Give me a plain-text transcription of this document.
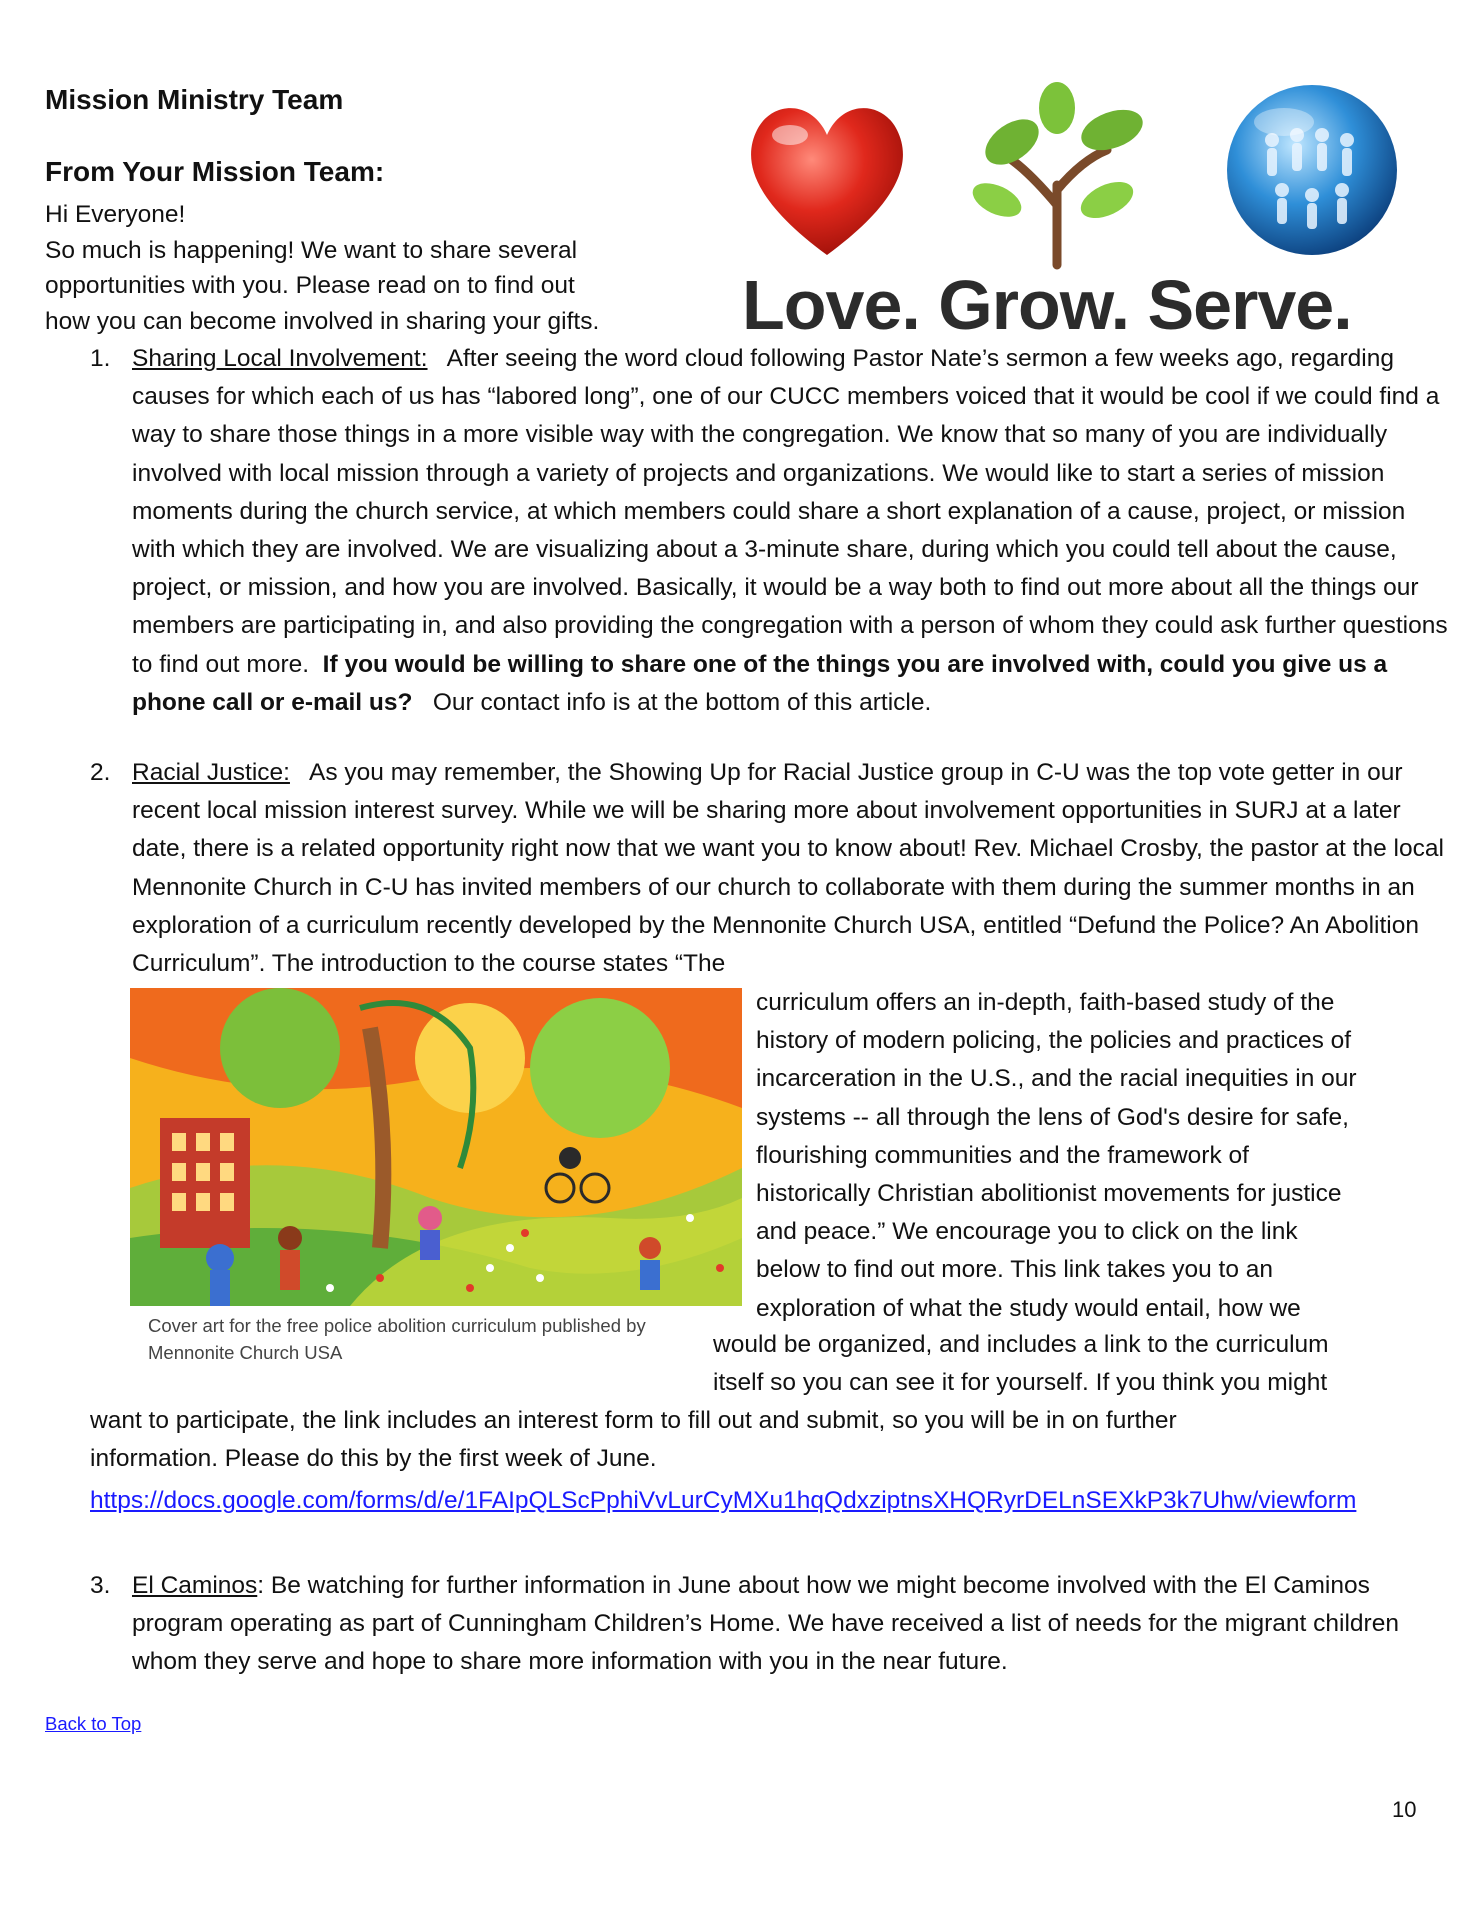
Mission Ministry Team
From Your Mission Team:
Hi Everyone!
So much is happening! We want to share several
opportunities with you. Please read on to find out
how you can become involved in sharing your gifts.	Love. Grow. Serve.
1. Sharing Local Involvement: After seeing the word cloud following Pastor Nate’s sermon a few weeks ago, regarding causes for which each of us has “labored long”, one of our CUCC members voiced that it would be cool if we could find a way to share those things in a more visible way with the congregation. We know that so many of you are individually involved with local mission through a variety of projects and organizations. We would like to start a series of mission moments during the church service, at which members could share a short explanation of a cause, project, or mission with which they are involved. We are visualizing about a 3-minute share, during which you could tell about the cause, project, or mission, and how you are involved. Basically, it would be a way both to find out more about all the things our members are participating in, and also providing the congregation with a person of whom they could ask further questions to find out more. If you would be willing to share one of the things you are involved with, could you give us a phone call or e-mail us? Our contact info is at the bottom of this article.
2. Racial Justice: As you may remember, the Showing Up for Racial Justice group in C-U was the top vote getter in our recent local mission interest survey. While we will be sharing more about involvement opportunities in SURJ at a later date, there is a related opportunity right now that we want you to know about! Rev. Michael Crosby, the pastor at the local Mennonite Church in C-U has invited members of our church to collaborate with them during the summer months in an exploration of a curriculum recently developed by the Mennonite Church USA, entitled “Defund the Police? An Abolition Curriculum”. The introduction to the course states “The
Cover art for the free police abolition curriculum published by Mennonite Church USA
curriculum offers an in-depth, faith-based study of the
history of modern policing, the policies and practices of
incarceration in the U.S., and the racial inequities in our
systems -- all through the lens of God's desire for safe,
flourishing communities and the framework of
historically Christian abolitionist movements for justice
and peace.” We encourage you to click on the link
below to find out more. This link takes you to an
exploration of what the study would entail, how we
would be organized, and includes a link to the curriculum
itself so you can see it for yourself. If you think you might
want to participate, the link includes an interest form to fill out and submit, so you will be in on further
information. Please do this by the first week of June.
https://docs.google.com/forms/d/e/1FAIpQLScPphiVvLurCyMXu1hqQdxziptnsXHQRyrDELnSEXkP3k7Uhw/viewform
3. El Caminos: Be watching for further information in June about how we might become involved with the El Caminos program operating as part of Cunningham Children’s Home. We have received a list of needs for the migrant children whom they serve and hope to share more information with you in the near future.
Back to Top
10
